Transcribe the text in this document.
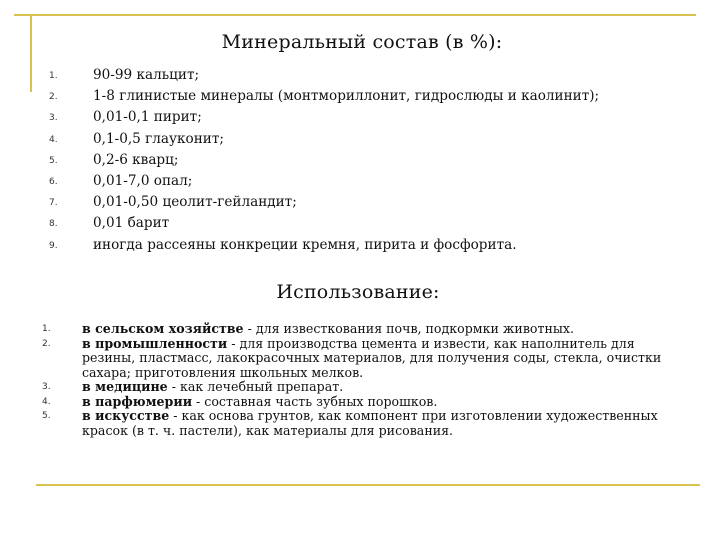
Минеральный состав (в %):
1.	90-99 кальцит;
2.	1-8 глинистые минералы (монтмориллонит, гидрослюды и каолинит);
3.	0,01-0,1 пирит;
4.	0,1-0,5 глауконит;
5.	0,2-6 кварц;
6.	0,01-7,0 опал;
7.	0,01-0,50 цеолит-гейландит;
8.	0,01 барит
9.	иногда рассеяны конкреции кремня, пирита и фосфорита.
Использование:
1. в сельском хозяйстве - для известкования почв, подкормки животных.
2. в промышленности - для производства цемента и извести, как наполнитель для резины, пластмасс, лакокрасочных материалов, для получения соды, стекла, очистки сахара; приготовления школьных мелков.
3. в медицине - как лечебный препарат.
4. в парфюмерии - составная часть зубных порошков.
5. в искусстве - как основа грунтов, как компонент при изготовлении художественных красок (в т. ч. пастели), как материалы для рисования.
